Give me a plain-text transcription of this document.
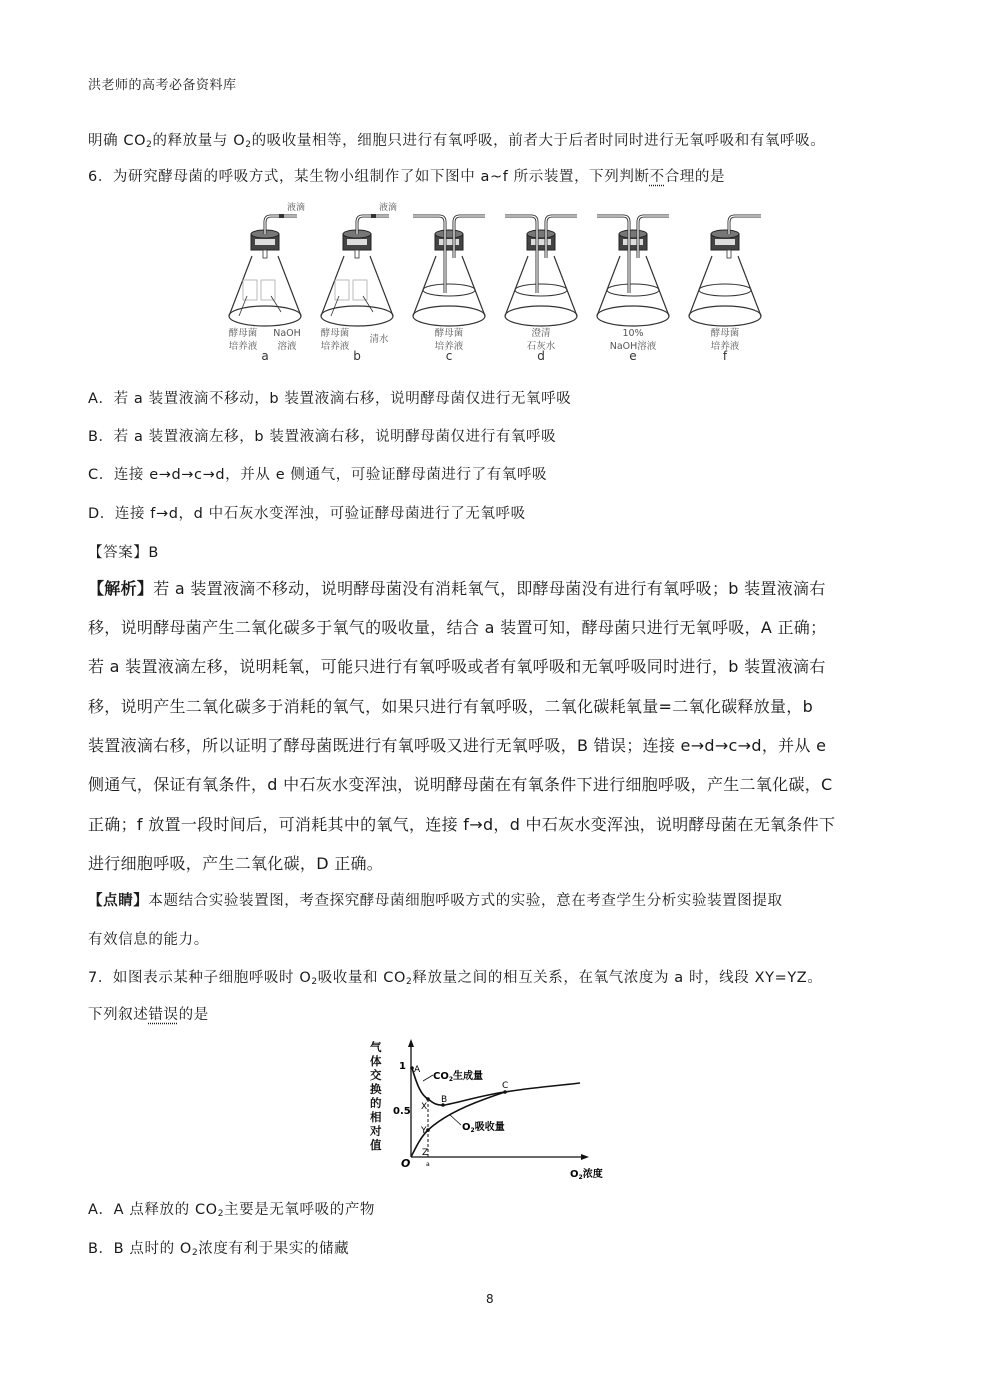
洪老师的高考必备资料库
明确 $CO_2$的释放量与 $O_2$的吸收量相等，细胞只进行有氧呼吸，前者大于后者时同时进行无氧呼吸和有氧呼吸。
6．为研究酵母菌的呼吸方式，某生物小组制作了如下图中 a~f 所示装置，下列判断不合理的是
液滴
酵母菌
培养液
NaOH
溶液
a
液滴
酵母菌
培养液
清水
b
酵母菌
培养液
c
澄清
石灰水
d
10%
NaOH溶液
e
酵母菌
培养液
f
A．若 a 装置液滴不移动，b 装置液滴右移，说明酵母菌仅进行无氧呼吸
B．若 a 装置液滴左移，b 装置液滴右移，说明酵母菌仅进行有氧呼吸
C．连接 e→d→c→d，并从 e 侧通气，可验证酵母菌进行了有氧呼吸
D．连接 f→d，d 中石灰水变浑浊，可验证酵母菌进行了无氧呼吸
【答案】B
【解析】若 a 装置液滴不移动，说明酵母菌没有消耗氧气，即酵母菌没有进行有氧呼吸；b 装置液滴右
移，说明酵母菌产生二氧化碳多于氧气的吸收量，结合 a 装置可知，酵母菌只进行无氧呼吸，A 正确；
若 a 装置液滴左移，说明耗氧，可能只进行有氧呼吸或者有氧呼吸和无氧呼吸同时进行，b 装置液滴右
移，说明产生二氧化碳多于消耗的氧气，如果只进行有氧呼吸，二氧化碳耗氧量=二氧化碳释放量，b
装置液滴右移，所以证明了酵母菌既进行有氧呼吸又进行无氧呼吸，B 错误；连接 e→d→c→d，并从 e
侧通气，保证有氧条件，d 中石灰水变浑浊，说明酵母菌在有氧条件下进行细胞呼吸，产生二氧化碳，C
正确；f 放置一段时间后，可消耗其中的氧气，连接 f→d，d 中石灰水变浑浊，说明酵母菌在无氧条件下
进行细胞呼吸，产生二氧化碳，D 正确。
【点睛】本题结合实验装置图，考查探究酵母菌细胞呼吸方式的实验，意在考查学生分析实验装置图提取
有效信息的能力。
7．如图表示某种子细胞呼吸时 $O_2$吸收量和 $CO_2$释放量之间的相互关系，在氧气浓度为 a 时，线段 XY=YZ。
下列叙述错误的是
1
0.5
O	a
A
X
B
Y
Z
C
$CO_2$生成量
$O_2$吸收量
$O_2$浓度
气体交换的相对值
A．A 点释放的 $CO_2$主要是无氧呼吸的产物
B．B 点时的 $O_2$浓度有利于果实的储藏
8
